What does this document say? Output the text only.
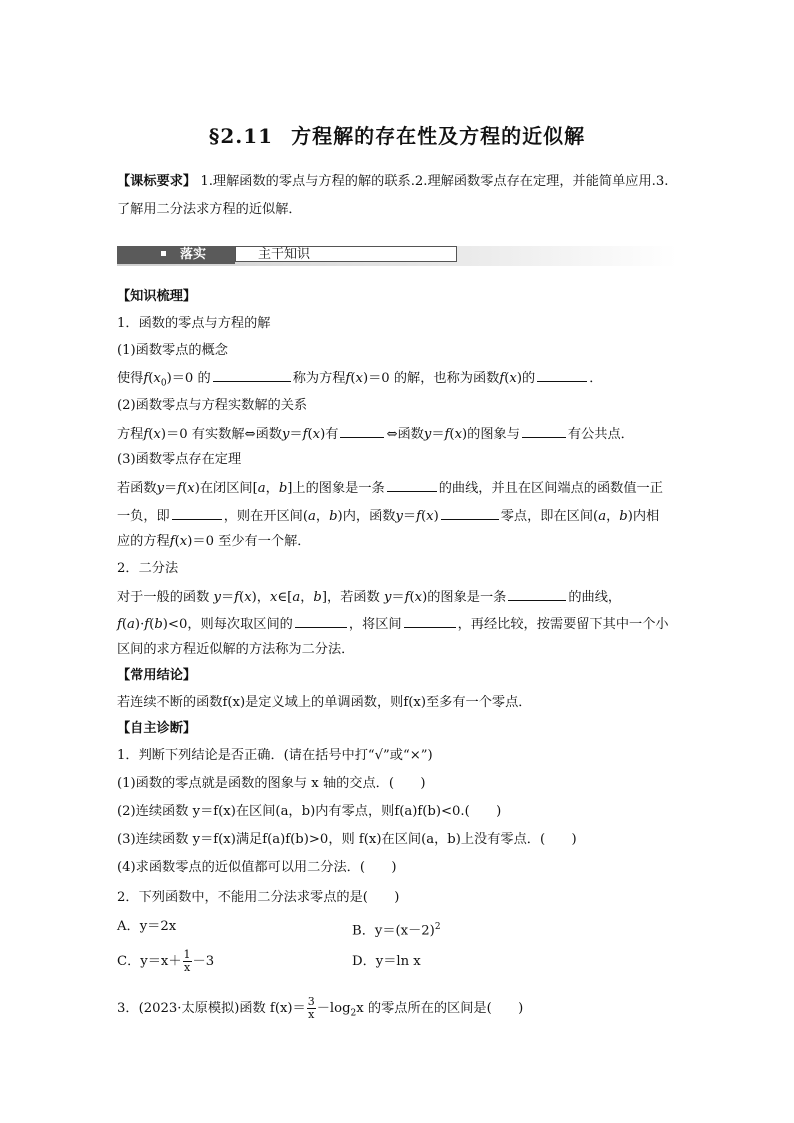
§2.11 方程解的存在性及方程的近似解
【课标要求】 1.理解函数的零点与方程的解的联系.2.理解函数零点存在定理，并能简单应用.3.
了解用二分法求方程的近似解．
落实	主干知识
【知识梳理】
1．函数的零点与方程的解
(1)函数零点的概念
使得$f(x_0)=0$ 的	称为方程f(x)＝0 的解，也称为函数f(x)的	．
(2)函数零点与方程实数解的关系
方程f(x)＝0 有实数解⇔函数y＝f(x)有	⇔函数y＝f(x)的图象与	有公共点．
(3)函数零点存在定理
若函数y＝f(x)在闭区间[a，b]上的图象是一条	的曲线，并且在区间端点的函数值一正
一负，即	，则在开区间(a，b)内，函数y＝f(x)	零点，即在区间(a，b)内相
应的方程f(x)＝0 至少有一个解．
2．二分法
对于一般的函数 y＝f(x)，x∈[a，b]，若函数 y＝f(x)的图象是一条	的曲线，
f(a)·f(b)<0，则每次取区间的	，将区间	，再经比较，按需要留下其中一个小
区间的求方程近似解的方法称为二分法．
【常用结论】
若连续不断的函数f(x)是定义域上的单调函数，则f(x)至多有一个零点．
【自主诊断】
1．判断下列结论是否正确．(请在括号中打“√”或“×”)
(1)函数的零点就是函数的图象与 x 轴的交点．(　　)
(2)连续函数 y＝f(x)在区间(a，b)内有零点，则f(a)f(b)<0.(　　)
(3)连续函数 y＝f(x)满足f(a)f(b)>0，则 f(x)在区间(a，b)上没有零点．(　　)
(4)求函数零点的近似值都可以用二分法．(　　)
2．下列函数中，不能用二分法求零点的是(　　)
A．y＝2x	B．$y=(x-2)^2$
C．$y=x+ \frac{1}{x} -3$	D．y＝ln x
3．(2023·太原模拟)函数 $f(x)= \frac{3}{x} -\log_2x$ 的零点所在的区间是(　　)
